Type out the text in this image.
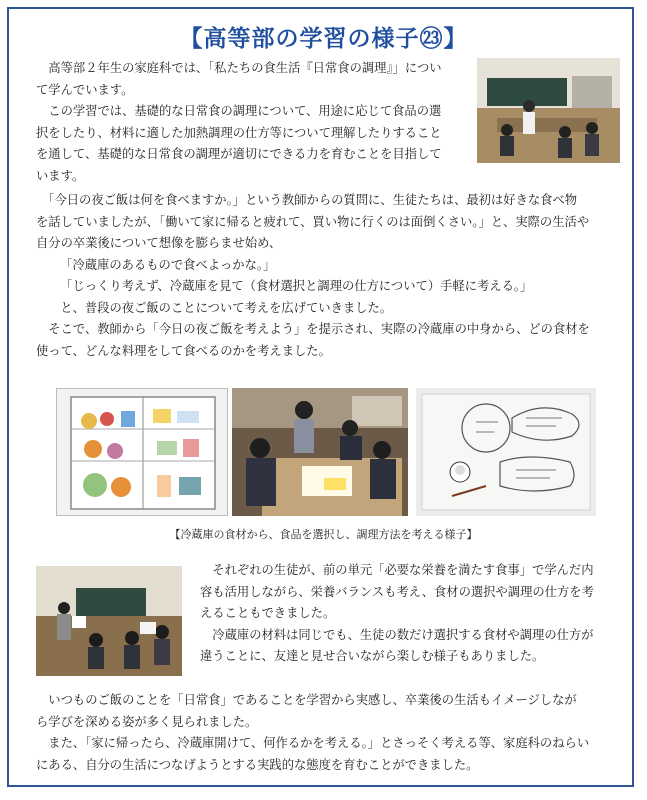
【高等部の学習の様子㉓】
　高等部２年生の家庭科では、「私たちの食生活『日常食の調理』」につい
て学んでいます。
　この学習では、基礎的な日常食の調理について、用途に応じて食品の選
択をしたり、材料に適した加熱調理の仕方等について理解したりすること
を通して、基礎的な日常食の調理が適切にできる力を育むことを目指して
います。
　「今日の夜ご飯は何を食べますか。」という教師からの質問に、生徒たちは、最初は好きな食べ物
を話していましたが、「働いて家に帰ると疲れて、買い物に行くのは面倒くさい。」と、実際の生活や
自分の卒業後について想像を膨らませ始め、
　「冷蔵庫のあるもので食べよっかな。」
　「じっくり考えず、冷蔵庫を見て（食材選択と調理の仕方について）手軽に考える。」
　と、普段の夜ご飯のことについて考えを広げていきました。
　そこで、教師から「今日の夜ご飯を考えよう」を提示され、実際の冷蔵庫の中身から、どの食材を
使って、どんな料理をして食べるのかを考えました。
【冷蔵庫の食材から、食品を選択し、調理方法を考える様子】
　それぞれの生徒が、前の単元「必要な栄養を満たす食事」で学んだ内
容も活用しながら、栄養バランスも考え、食材の選択や調理の仕方を考
えることもできました。
　冷蔵庫の材料は同じでも、生徒の数だけ選択する食材や調理の仕方が
違うことに、友達と見せ合いながら楽しむ様子もありました。
　いつものご飯のことを「日常食」であることを学習から実感し、卒業後の生活もイメージしなが
ら学びを深める姿が多く見られました。
　また、「家に帰ったら、冷蔵庫開けて、何作るかを考える。」とさっそく考える等、家庭科のねらい
にある、自分の生活につなげようとする実践的な態度を育むことができました。
